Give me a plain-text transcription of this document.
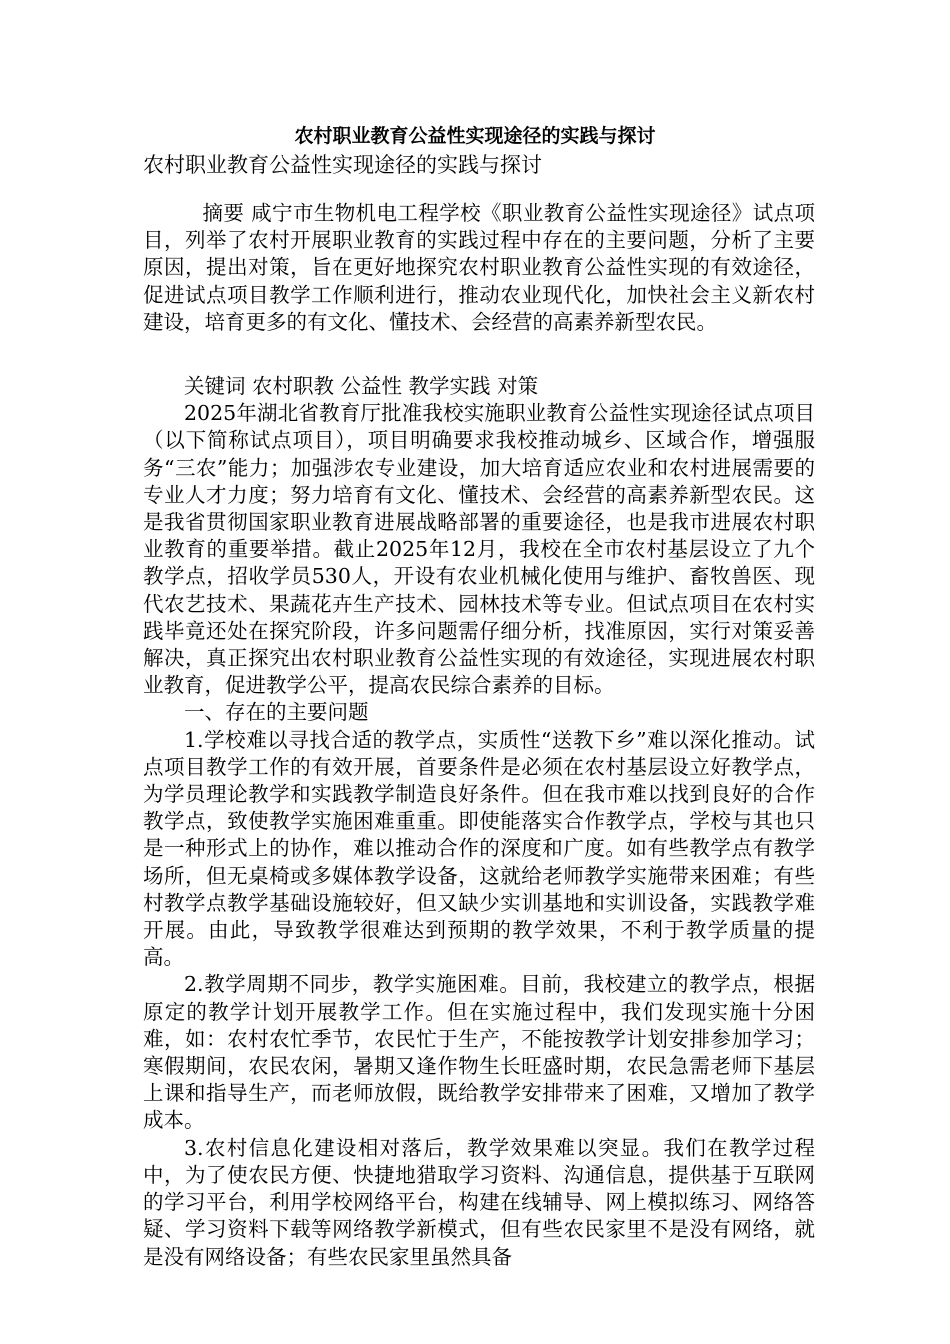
农村职业教育公益性实现途径的实践与探讨
农村职业教育公益性实现途径的实践与探讨

摘要 咸宁市生物机电工程学校《职业教育公益性实现途径》试点项目，列举了农村开展职业教育的实践过程中存在的主要问题，分析了主要原因，提出对策，旨在更好地探究农村职业教育公益性实现的有效途径，促进试点项目教学工作顺利进行，推动农业现代化，加快社会主义新农村建设，培育更多的有文化、懂技术、会经营的高素养新型农民。

关键词 农村职教 公益性 教学实践 对策

2025年湖北省教育厅批准我校实施职业教育公益性实现途径试点项目（以下简称试点项目），项目明确要求我校推动城乡、区域合作，增强服务“三农”能力；加强涉农专业建设，加大培育适应农业和农村进展需要的专业人才力度；努力培育有文化、懂技术、会经营的高素养新型农民。这是我省贯彻国家职业教育进展战略部署的重要途径，也是我市进展农村职业教育的重要举措。截止2025年12月，我校在全市农村基层设立了九个教学点，招收学员530人，开设有农业机械化使用与维护、畜牧兽医、现代农艺技术、果蔬花卉生产技术、园林技术等专业。但试点项目在农村实践毕竟还处在探究阶段，许多问题需仔细分析，找准原因，实行对策妥善解决，真正探究出农村职业教育公益性实现的有效途径，实现进展农村职业教育，促进教学公平，提高农民综合素养的目标。

一、存在的主要问题

1.学校难以寻找合适的教学点，实质性“送教下乡”难以深化推动。试点项目教学工作的有效开展，首要条件是必须在农村基层设立好教学点，为学员理论教学和实践教学制造良好条件。但在我市难以找到良好的合作教学点，致使教学实施困难重重。即使能落实合作教学点，学校与其也只是一种形式上的协作，难以推动合作的深度和广度。如有些教学点有教学场所，但无桌椅或多媒体教学设备，这就给老师教学实施带来困难；有些村教学点教学基础设施较好，但又缺少实训基地和实训设备，实践教学难开展。由此，导致教学很难达到预期的教学效果，不利于教学质量的提高。

2.教学周期不同步，教学实施困难。目前，我校建立的教学点，根据原定的教学计划开展教学工作。但在实施过程中，我们发现实施十分困难，如：农村农忙季节，农民忙于生产，不能按教学计划安排参加学习；寒假期间，农民农闲，暑期又逢作物生长旺盛时期，农民急需老师下基层上课和指导生产，而老师放假，既给教学安排带来了困难，又增加了教学成本。

3.农村信息化建设相对落后，教学效果难以突显。我们在教学过程中，为了使农民方便、快捷地猎取学习资料、沟通信息，提供基于互联网的学习平台，利用学校网络平台，构建在线辅导、网上模拟练习、网络答疑、学习资料下载等网络教学新模式，但有些农民家里不是没有网络，就是没有网络设备；有些农民家里虽然具备
